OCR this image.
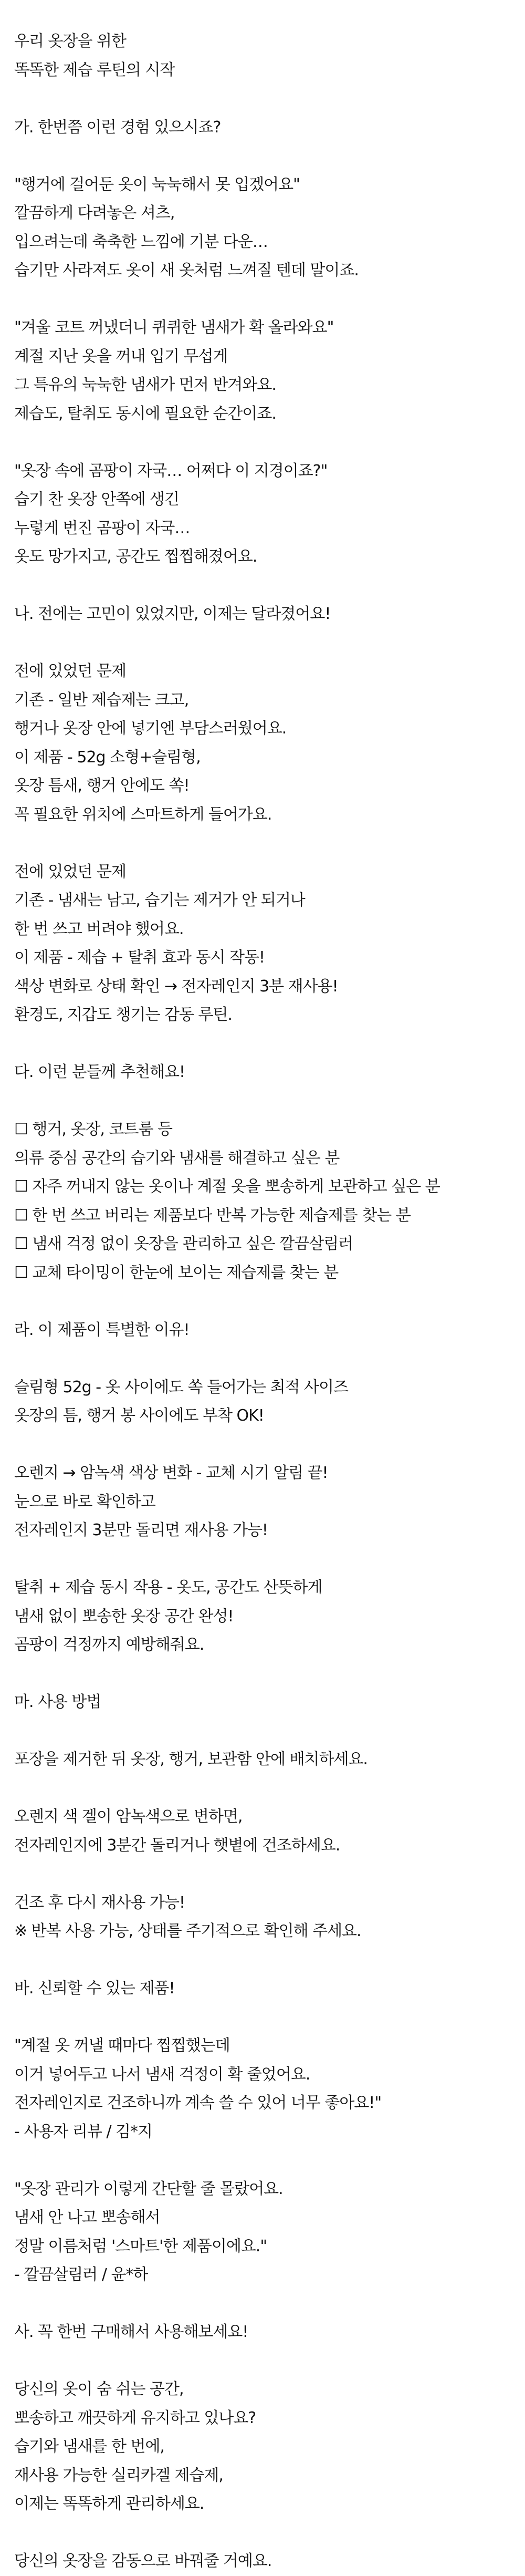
우리 옷장을 위한
똑똑한 제습 루틴의 시작
가. 한번쯤 이런 경험 있으시죠?
"행거에 걸어둔 옷이 눅눅해서 못 입겠어요"
깔끔하게 다려놓은 셔츠,
입으려는데 축축한 느낌에 기분 다운…
습기만 사라져도 옷이 새 옷처럼 느껴질 텐데 말이죠.
"겨울 코트 꺼냈더니 퀴퀴한 냄새가 확 올라와요"
계절 지난 옷을 꺼내 입기 무섭게
그 특유의 눅눅한 냄새가 먼저 반겨와요.
제습도, 탈취도 동시에 필요한 순간이죠.
"옷장 속에 곰팡이 자국… 어쩌다 이 지경이죠?"
습기 찬 옷장 안쪽에 생긴
누렇게 번진 곰팡이 자국…
옷도 망가지고, 공간도 찝찝해졌어요.
나. 전에는 고민이 있었지만, 이제는 달라졌어요!
전에 있었던 문제
기존 - 일반 제습제는 크고,
행거나 옷장 안에 넣기엔 부담스러웠어요.
이 제품 - 52g 소형+슬림형,
옷장 틈새, 행거 안에도 쏙!
꼭 필요한 위치에 스마트하게 들어가요.
전에 있었던 문제
기존 - 냄새는 남고, 습기는 제거가 안 되거나
한 번 쓰고 버려야 했어요.
이 제품 - 제습 + 탈취 효과 동시 작동!
색상 변화로 상태 확인 → 전자레인지 3분 재사용!
환경도, 지갑도 챙기는 감동 루틴.
다. 이런 분들께 추천해요!
☐ 행거, 옷장, 코트룸 등
의류 중심 공간의 습기와 냄새를 해결하고 싶은 분
☐ 자주 꺼내지 않는 옷이나 계절 옷을 뽀송하게 보관하고 싶은 분
☐ 한 번 쓰고 버리는 제품보다 반복 가능한 제습제를 찾는 분
☐ 냄새 걱정 없이 옷장을 관리하고 싶은 깔끔살림러
☐ 교체 타이밍이 한눈에 보이는 제습제를 찾는 분
라. 이 제품이 특별한 이유!
슬림형 52g - 옷 사이에도 쏙 들어가는 최적 사이즈
옷장의 틈, 행거 봉 사이에도 부착 OK!
오렌지 → 암녹색 색상 변화 - 교체 시기 알림 끝!
눈으로 바로 확인하고
전자레인지 3분만 돌리면 재사용 가능!
탈취 + 제습 동시 작용 - 옷도, 공간도 산뜻하게
냄새 없이 뽀송한 옷장 공간 완성!
곰팡이 걱정까지 예방해줘요.
마. 사용 방법
포장을 제거한 뒤 옷장, 행거, 보관함 안에 배치하세요.
오렌지 색 겔이 암녹색으로 변하면,
전자레인지에 3분간 돌리거나 햇볕에 건조하세요.
건조 후 다시 재사용 가능!
※ 반복 사용 가능, 상태를 주기적으로 확인해 주세요.
바. 신뢰할 수 있는 제품!
"계절 옷 꺼낼 때마다 찝찝했는데
이거 넣어두고 나서 냄새 걱정이 확 줄었어요.
전자레인지로 건조하니까 계속 쓸 수 있어 너무 좋아요!"
- 사용자 리뷰 / 김*지
"옷장 관리가 이렇게 간단할 줄 몰랐어요.
냄새 안 나고 뽀송해서
정말 이름처럼 '스마트'한 제품이에요."
- 깔끔살림러 / 윤*하
사. 꼭 한번 구매해서 사용해보세요!
당신의 옷이 숨 쉬는 공간,
뽀송하고 깨끗하게 유지하고 있나요?
습기와 냄새를 한 번에,
재사용 가능한 실리카겔 제습제,
이제는 똑똑하게 관리하세요.
당신의 옷장을 감동으로 바꿔줄 거예요.
